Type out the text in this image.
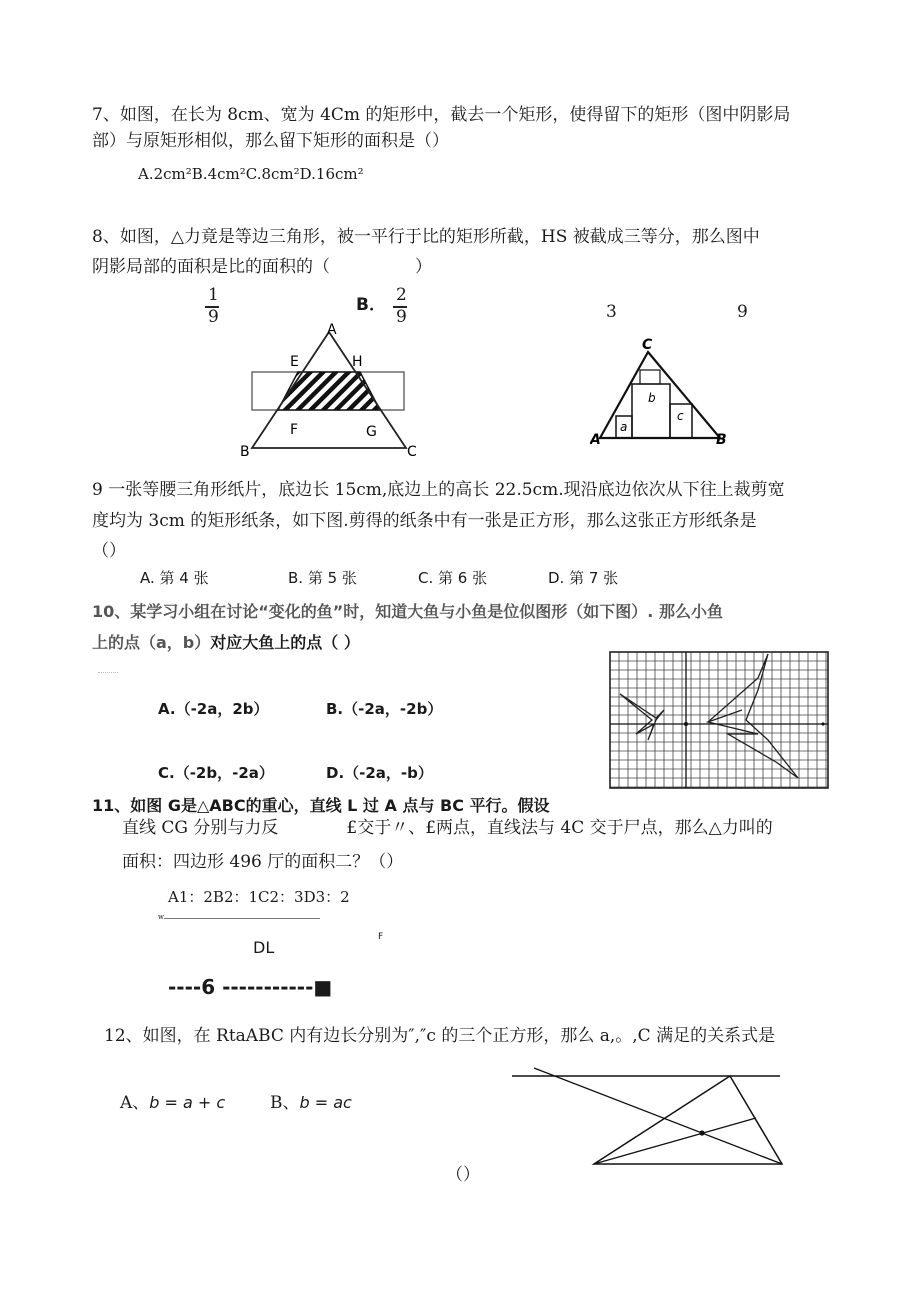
7、如图，在长为 8cm、宽为 4Cm 的矩形中，截去一个矩形，使得留下的矩形（图中阴影局
部）与原矩形相似，那么留下矩形的面积是（）
A.2cm²B.4cm²C.8cm²D.16cm²
8、如图，△力竟是等边三角形，被一平行于比的矩形所截，HS 被截成三等分，那么图中
阴影局部的面积是比的面积的（　　　　　）
1
9
B． 2
9	3	9
A
E	H
B
F	G
C
C
A	B
a
b
c
9 一张等腰三角形纸片，底边长 15cm,底边上的高长 22.5cm.现沿底边依次从下往上裁剪宽
度均为 3cm 的矩形纸条，如下图.剪得的纸条中有一张是正方形，那么这张正方形纸条是
（）
A. 第 4 张	B. 第 5 张	C. 第 6 张	D. 第 7 张
10、某学习小组在讨论“变化的鱼”时，知道大鱼与小鱼是位似图形（如下图）. 那么小鱼
上的点（a，b）对应大鱼上的点（ ）
A.（-2a，2b）	B.（-2a，-2b）
C.（-2b，-2a）	D.（-2a，-b）
11、如图 G是△ABC的重心，直线 L 过 A 点与 BC 平行。假设
直线 CG 分别与力反　　　　£交于〃、£两点，直线法与 4C 交于尸点，那么△力叫的
面积：四边形 496 厅的面积二？（）
A1：2B2：1C2：3D3：2
w
DL
F
----6 -----------■
12、如图，在 RtaABC 内有边长分别为″,″c 的三个正方形，那么 a,。,C 满足的关系式是
A、b = a + c	B、b = ac
（）
